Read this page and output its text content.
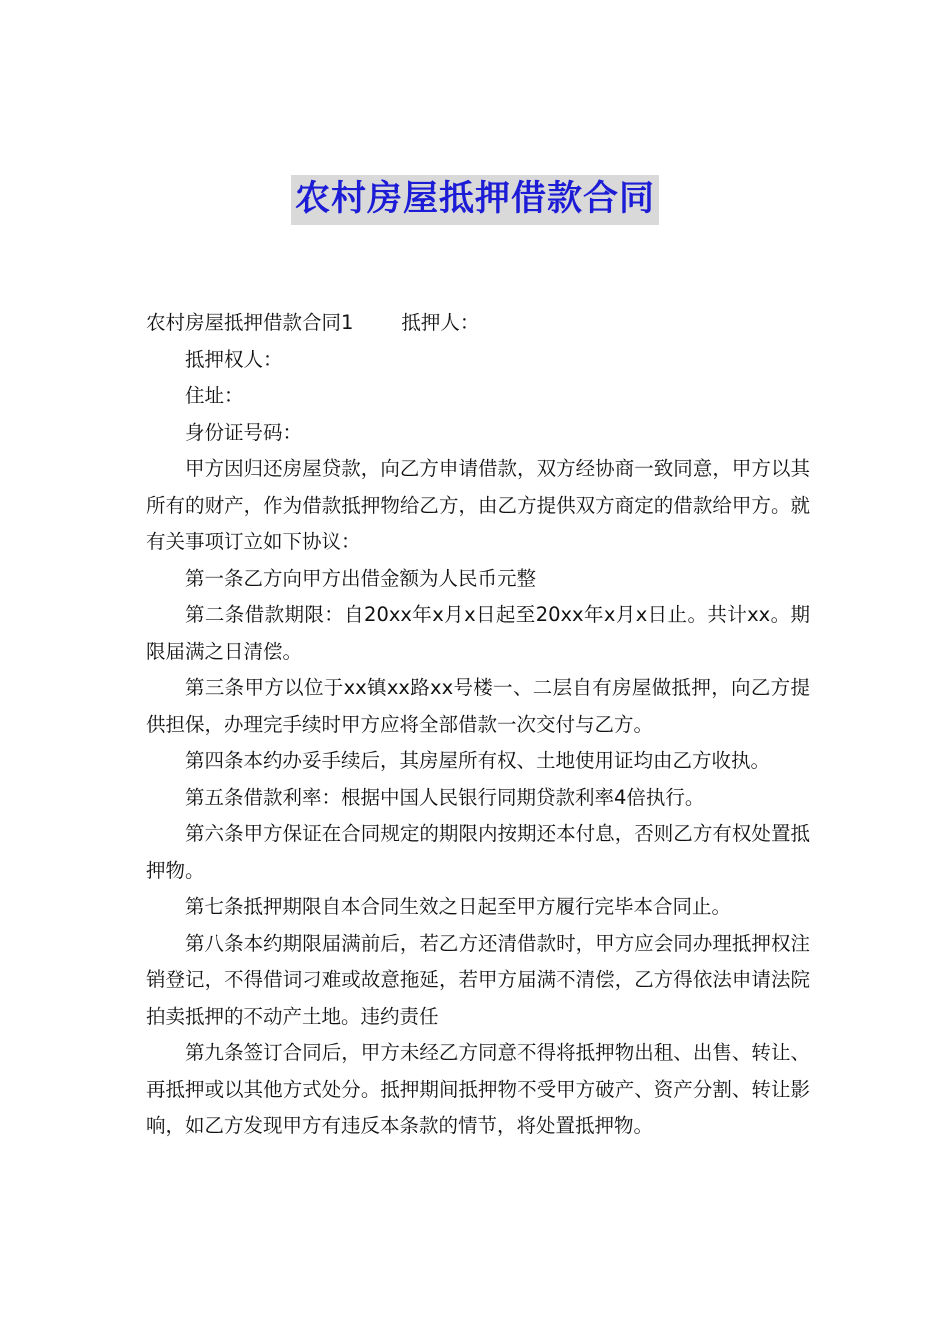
农村房屋抵押借款合同

农村房屋抵押借款合同1 抵押人：

抵押权人：

住址：

身份证号码：

甲方因归还房屋贷款，向乙方申请借款，双方经协商一致同意，甲方以其所有的财产，作为借款抵押物给乙方，由乙方提供双方商定的借款给甲方。就有关事项订立如下协议：

第一条乙方向甲方出借金额为人民币元整

第二条借款期限：自20xx年x月x日起至20xx年x月x日止。共计xx。期限届满之日清偿。

第三条甲方以位于xx镇xx路xx号楼一、二层自有房屋做抵押，向乙方提供担保，办理完手续时甲方应将全部借款一次交付与乙方。

第四条本约办妥手续后，其房屋所有权、土地使用证均由乙方收执。

第五条借款利率：根据中国人民银行同期贷款利率4倍执行。

第六条甲方保证在合同规定的期限内按期还本付息，否则乙方有权处置抵押物。

第七条抵押期限自本合同生效之日起至甲方履行完毕本合同止。

第八条本约期限届满前后，若乙方还清借款时，甲方应会同办理抵押权注销登记，不得借词刁难或故意拖延，若甲方届满不清偿，乙方得依法申请法院拍卖抵押的不动产土地。违约责任

第九条签订合同后，甲方未经乙方同意不得将抵押物出租、出售、转让、再抵押或以其他方式处分。抵押期间抵押物不受甲方破产、资产分割、转让影响，如乙方发现甲方有违反本条款的情节，将处置抵押物。
